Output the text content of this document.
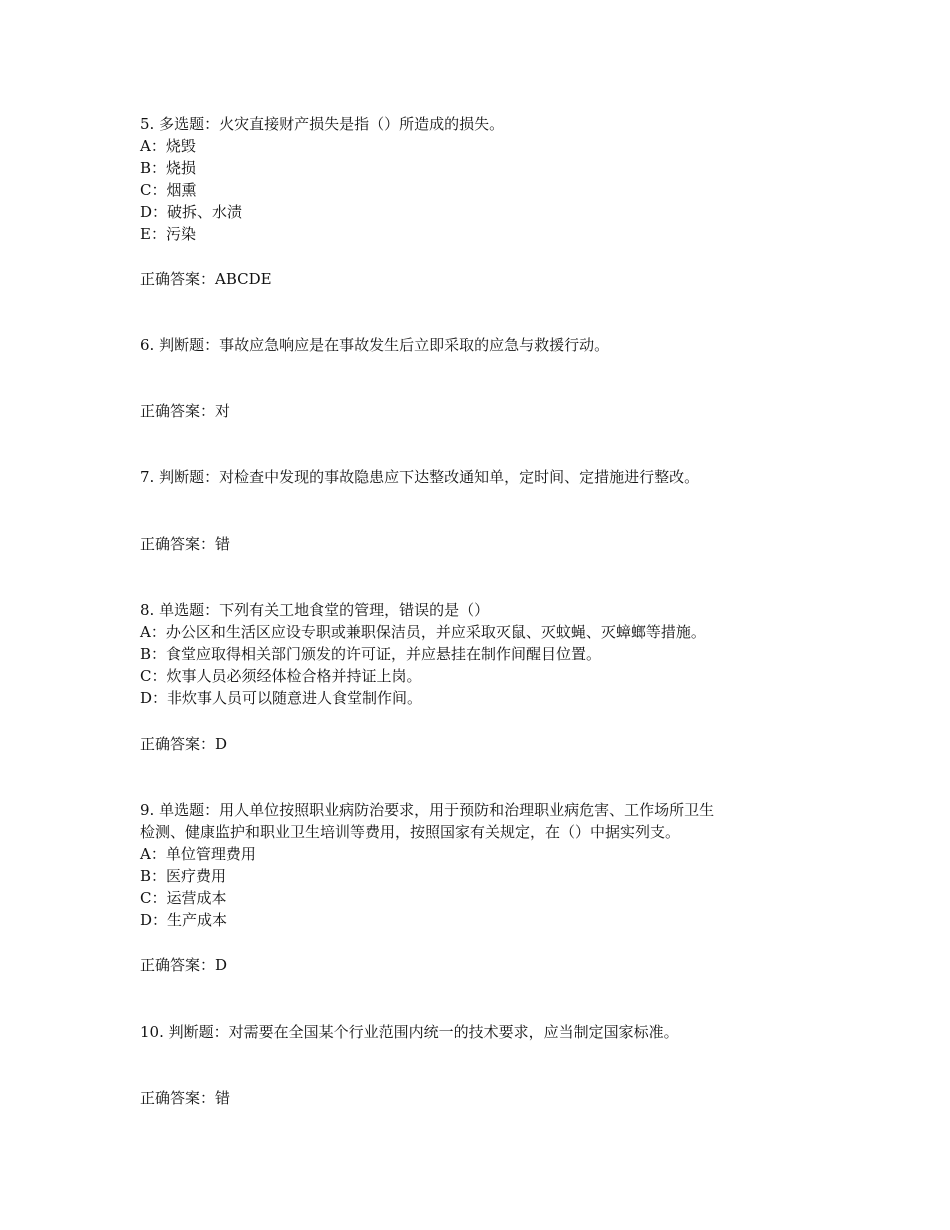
5. 多选题：火灾直接财产损失是指（）所造成的损失。
A：烧毁
B：烧损
C：烟熏
D：破拆、水渍
E：污染
正确答案：ABCDE
6. 判断题：事故应急响应是在事故发生后立即采取的应急与救援行动。
正确答案：对
7. 判断题：对检查中发现的事故隐患应下达整改通知单，定时间、定措施进行整改。
正确答案：错
8. 单选题：下列有关工地食堂的管理，错误的是（）
A：办公区和生活区应设专职或兼职保洁员，并应采取灭鼠、灭蚊蝇、灭蟑螂等措施。
B：食堂应取得相关部门颁发的许可证，并应悬挂在制作间醒目位置。
C：炊事人员必须经体检合格并持证上岗。
D：非炊事人员可以随意进人食堂制作间。
正确答案：D
9. 单选题：用人单位按照职业病防治要求，用于预防和治理职业病危害、工作场所卫生
检测、健康监护和职业卫生培训等费用，按照国家有关规定，在（）中据实列支。
A：单位管理费用
B：医疗费用
C：运营成本
D：生产成本
正确答案：D
10. 判断题：对需要在全国某个行业范围内统一的技术要求，应当制定国家标准。
正确答案：错
